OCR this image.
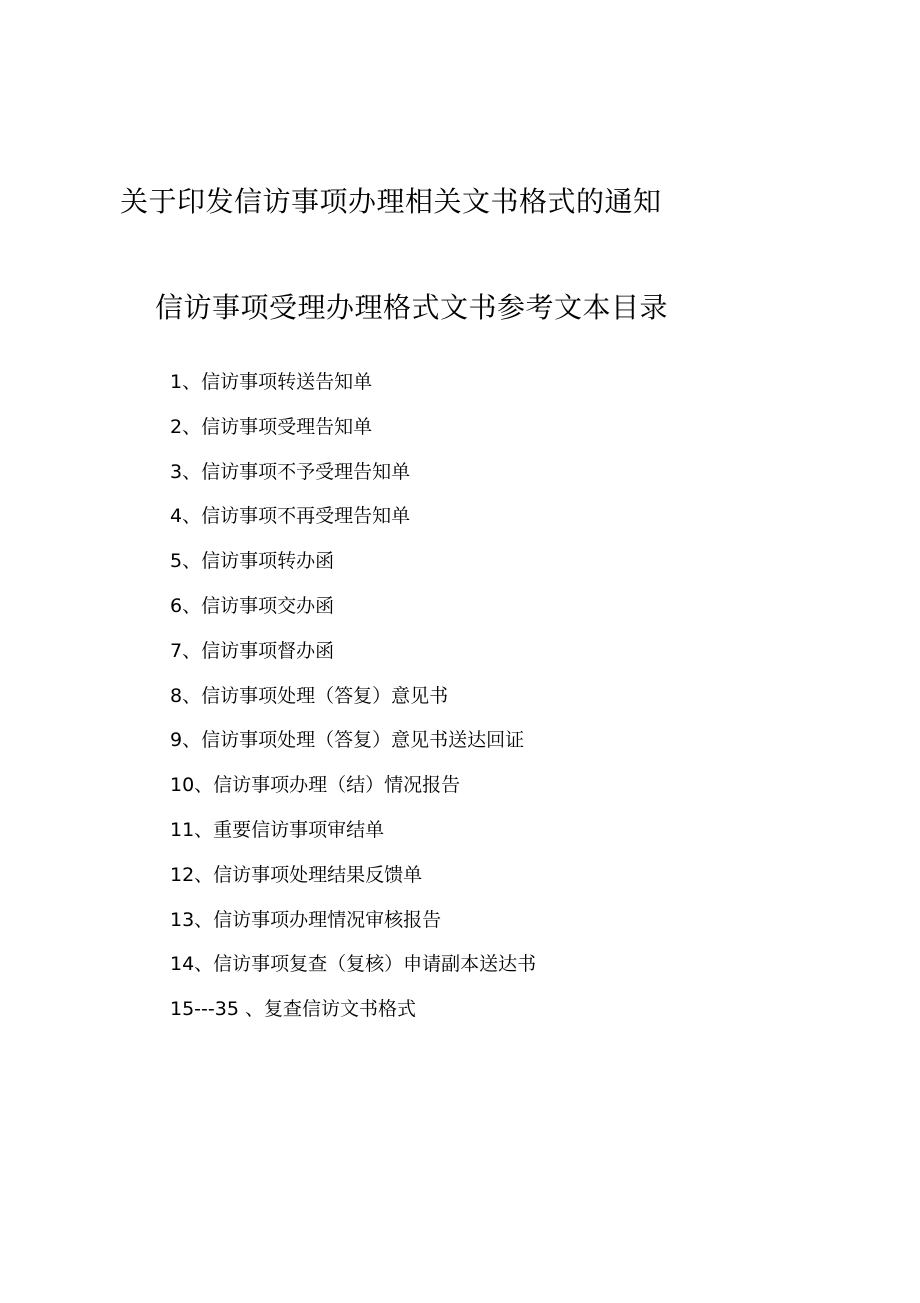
关于印发信访事项办理相关文书格式的通知
信访事项受理办理格式文书参考文本目录
1、信访事项转送告知单
2、信访事项受理告知单
3、信访事项不予受理告知单
4、信访事项不再受理告知单
5、信访事项转办函
6、信访事项交办函
7、信访事项督办函
8、信访事项处理（答复）意见书
9、信访事项处理（答复）意见书送达回证
10、信访事项办理（结）情况报告
11、重要信访事项审结单
12、信访事项处理结果反馈单
13、信访事项办理情况审核报告
14、信访事项复查（复核）申请副本送达书
15---35 、复查信访文书格式
